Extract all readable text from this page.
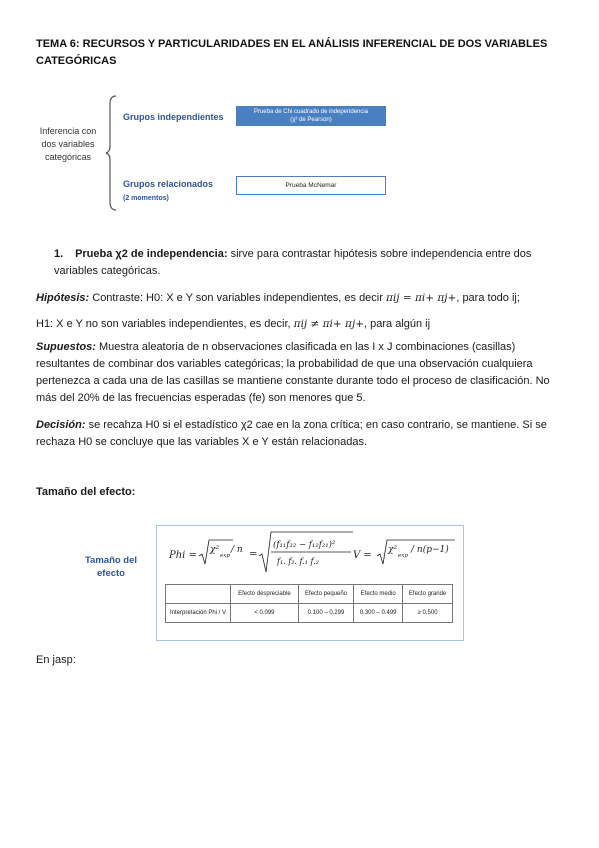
TEMA 6: RECURSOS Y PARTICULARIDADES EN EL ANÁLISIS INFERENCIAL DE DOS VARIABLES CATEGÓRICAS
Inferencia con dos variables categóricas
Grupos independientes	Prueba de Chi cuadrado de independencia
(χ² de Pearson)
Grupos relacionados
(2 momentos)
Prueba McNemar
1. Prueba χ2 de independencia: sirve para contrastar hipótesis sobre independencia entre dos variables categóricas.
Hipótesis: Contraste: H0: X e Y son variables independientes, es decir πij = πi+ πj+, para todo ij;
H1: X e Y no son variables independientes, es decir, πij ≠ πi+ πj+, para algún ij
Supuestos: Muestra aleatoria de n observaciones clasificada en las I x J combinaciones (casillas) resultantes de combinar dos variables categóricas; la probabilidad de que una observación cualquiera pertenezca a cada una de las casillas se mantiene constante durante todo el proceso de clasificación. No más del 20% de las frecuencias esperadas (fe) son menores que 5.
Decisión: se recahza H0 si el estadístico χ2 cae en la zona crítica; en caso contrario, se mantiene. Si se rechaza H0 se concluye que las variables X e Y están relacionadas.
Tamaño del efecto:
Tamaño del
efecto
Phi = χ²
exp
/ n =
(f₁₁f₂₂ − f₁₂f₂₁)²
f₁. f₂. f.₁ f.₂
V = χ²
exp
/ n(p−1)
	Efecto despreciable	Efecto pequeño	Efecto medio	Efecto grande
Interpretación Phi / V	< 0.099	0.100 – 0.299	0.300 – 0.499	≥ 0.500
En jasp:
